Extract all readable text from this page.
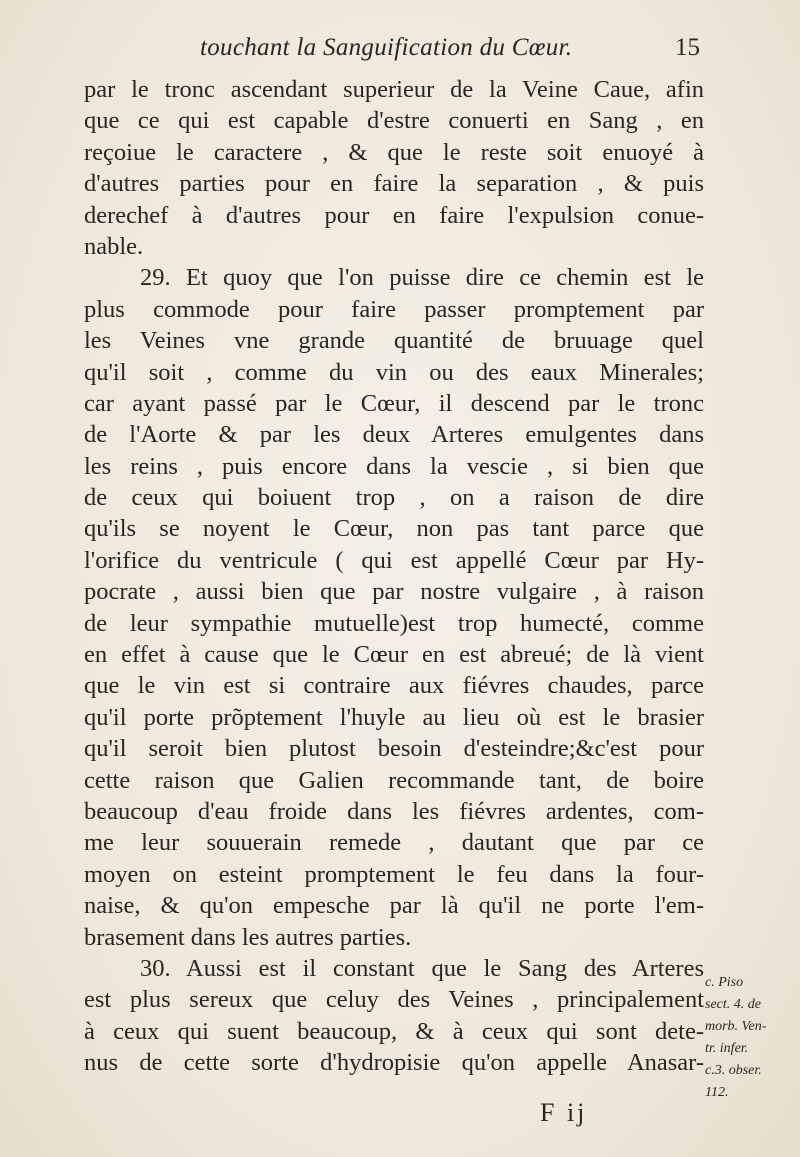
touchant la Sanguification du Cœur.	15
par le tronc ascendant superieur de la Veine Caue, afin
que ce qui est capable d'estre conuerti en Sang , en
reçoiue le caractere , & que le reste soit enuoyé à
d'autres parties pour en faire la separation , & puis
derechef à d'autres pour en faire l'expulsion conue-
nable.
29. Et quoy que l'on puisse dire ce chemin est le
plus commode pour faire passer promptement par
les Veines vne grande quantité de bruuage quel
qu'il soit , comme du vin ou des eaux Minerales;
car ayant passé par le Cœur, il descend par le tronc
de l'Aorte & par les deux Arteres emulgentes dans
les reins , puis encore dans la vescie , si bien que
de ceux qui boiuent trop , on a raison de dire
qu'ils se noyent le Cœur, non pas tant parce que
l'orifice du ventricule ( qui est appellé Cœur par Hy-
pocrate , aussi bien que par nostre vulgaire , à raison
de leur sympathie mutuelle)est trop humecté, comme
en effet à cause que le Cœur en est abreué; de là vient
que le vin est si contraire aux fiévres chaudes, parce
qu'il porte prõptement l'huyle au lieu où est le brasier
qu'il seroit bien plutost besoin d'esteindre;&c'est pour
cette raison que Galien recommande tant, de boire
beaucoup d'eau froide dans les fiévres ardentes, com-
me leur souuerain remede , dautant que par ce
moyen on esteint promptement le feu dans la four-
naise, & qu'on empesche par là qu'il ne porte l'em-
brasement dans les autres parties.
30. Aussi est il constant que le Sang des Arteres
est plus sereux que celuy des Veines , principalement
à ceux qui suent beaucoup, & à ceux qui sont dete-
nus de cette sorte d'hydropisie qu'on appelle Anasar-
c. Piso
sect. 4. de
morb. Ven-
tr. infer.
c.3. obser.
112.
F ij
